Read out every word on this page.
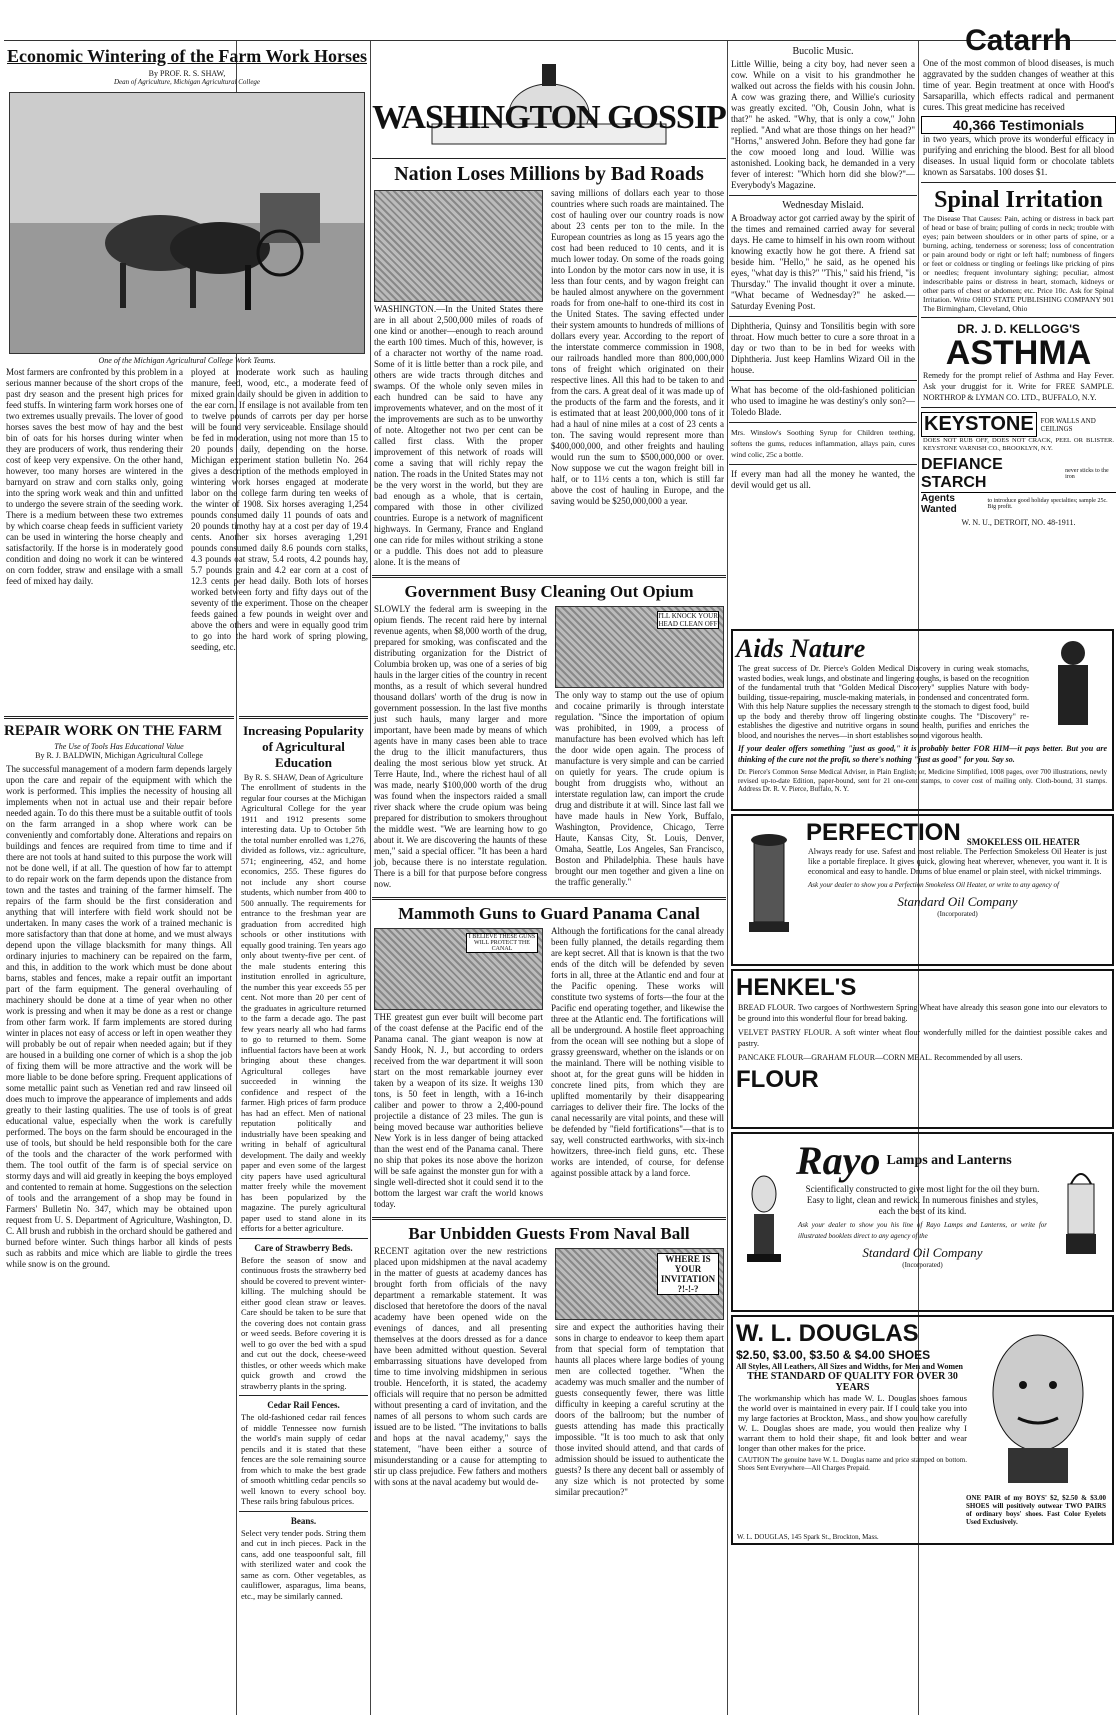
Economic Wintering of the Farm Work Horses
By PROF. R. S. SHAW,
Dean of Agriculture, Michigan Agricultural College
One of the Michigan Agricultural College Work Teams.
Most farmers are confronted by this problem in a serious manner because of the short crops of the past dry season and the present high prices for feed stuffs. In wintering farm work horses one of two extremes usually prevails. The lover of good horses saves the best mow of hay and the best bin of oats for his horses during winter when they are producers of work, thus rendering their cost of keep very expensive. On the other hand, however, too many horses are wintered in the barnyard on straw and corn stalks only, going into the spring work weak and thin and unfitted to undergo the severe strain of the seeding work. There is a medium between these two extremes by which coarse cheap feeds in sufficient variety can be used in wintering the horse cheaply and satisfactorily. If the horse is in moderately good condition and doing no work it can be wintered on corn fodder, straw and ensilage with a small feed of mixed hay daily.
ployed at moderate work such as hauling manure, feed, wood, etc., a moderate feed of mixed grain daily should be given in addition to the ear corn. If ensilage is not available from ten to twelve pounds of carrots per day per horse will be found very serviceable. Ensilage should be fed in moderation, using not more than 15 to 20 pounds daily, depending on the horse. Michigan experiment station bulletin No. 264 gives a description of the methods employed in wintering work horses engaged at moderate labor on the college farm during ten weeks of the winter of 1908. Six horses averaging 1,254 pounds consumed daily 11 pounds of oats and 20 pounds timothy hay at a cost per day of 19.4 cents. Another six horses averaging 1,291 pounds consumed daily 8.6 pounds corn stalks, 4.3 pounds oat straw, 5.4 roots, 4.2 pounds hay, 5.7 pounds grain and 4.2 ear corn at a cost of 12.3 cents per head daily. Both lots of horses worked between forty and fifty days out of the seventy of the experiment. Those on the cheaper feeds gained a few pounds in weight over and above the others and were in equally good trim to go into the hard work of spring plowing, seeding, etc.
REPAIR WORK ON THE FARM
The Use of Tools Has Educational Value
By R. J. BALDWIN, Michigan Agricultural College
The successful management of a modern farm depends largely upon the care and repair of the equipment with which the work is performed. This implies the necessity of housing all implements when not in actual use and their repair before needed again. To do this there must be a suitable outfit of tools on the farm arranged in a shop where work can be conveniently and comfortably done. Alterations and repairs on buildings and fences are required from time to time and if there are not tools at hand suited to this purpose the work will not be done well, if at all. The question of how far to attempt to do repair work on the farm depends upon the distance from town and the tastes and training of the farmer himself. The repairs of the farm should be the first consideration and anything that will interfere with field work should not be undertaken. In many cases the work of a trained mechanic is more satisfactory than that done at home, and we must always depend upon the village blacksmith for many things. All ordinary injuries to machinery can be repaired on the farm, and this, in addition to the work which must be done about barns, stables and fences, make a repair outfit an important part of the farm equipment. The general overhauling of machinery should be done at a time of year when no other work is pressing and when it may be done as a rest or change from other farm work. If farm implements are stored during winter in places not easy of access or left in open weather they will probably be out of repair when needed again; but if they are housed in a building one corner of which is a shop the job of fixing them will be more attractive and the work will be more liable to be done before spring. Frequent applications of some metallic paint such as Venetian red and raw linseed oil does much to improve the appearance of implements and adds greatly to their lasting qualities. The use of tools is of great educational value, especially when the work is carefully performed. The boys on the farm should be encouraged in the use of tools, but should be held responsible both for the care of the tools and the character of the work performed with them. The tool outfit of the farm is of special service on stormy days and will aid greatly in keeping the boys employed and contented to remain at home. Suggestions on the selection of tools and the arrangement of a shop may be found in Farmers' Bulletin No. 347, which may be obtained upon request from U. S. Department of Agriculture, Washington, D. C. All brush and rubbish in the orchard should be gathered and burned before winter. Such things harbor all kinds of pests such as rabbits and mice which are liable to girdle the trees while snow is on the ground.
Increasing Popularity of Agricultural Education
By R. S. SHAW, Dean of Agriculture
The enrollment of students in the regular four courses at the Michigan Agricultural College for the year 1911 and 1912 presents some interesting data. Up to October 5th the total number enrolled was 1,276, divided as follows, viz.: agriculture, 571; engineering, 452, and home economics, 255. These figures do not include any short course students, which number from 400 to 500 annually. The requirements for entrance to the freshman year are graduation from accredited high schools or other institutions with equally good training. Ten years ago only about twenty-five per cent. of the male students entering this institution enrolled in agriculture, the number this year exceeds 55 per cent. Not more than 20 per cent of the graduates in agriculture returned to the farm a decade ago. The past few years nearly all who had farms to go to returned to them. Some influential factors have been at work bringing about these changes. Agricultural colleges have succeeded in winning the confidence and respect of the farmer. High prices of farm produce has had an effect. Men of national reputation politically and industrially have been speaking and writing in behalf of agricultural development. The daily and weekly paper and even some of the largest city papers have used agricultural matter freely while the movement has been popularized by the magazine. The purely agricultural paper used to stand alone in its efforts for a better agriculture.
Care of Strawberry Beds.
Before the season of snow and continuous frosts the strawberry bed should be covered to prevent winter-killing. The mulching should be either good clean straw or leaves. Care should be taken to be sure that the covering does not contain grass or weed seeds. Before covering it is well to go over the bed with a spud and cut out the dock, cheese-weed thistles, or other weeds which make quick growth and crowd the strawberry plants in the spring.
Cedar Rail Fences.
The old-fashioned cedar rail fences of middle Tennessee now furnish the world's main supply of cedar pencils and it is stated that these fences are the sole remaining source from which to make the best grade of smooth whittling cedar pencils so well known to every school boy. These rails bring fabulous prices.
Beans.
Select very tender pods. String them and cut in inch pieces. Pack in the cans, add one teaspoonful salt, fill with sterilized water and cook the same as corn. Other vegetables, as cauliflower, asparagus, lima beans, etc., may be similarly canned.
WASHINGTON GOSSIP
Nation Loses Millions by Bad Roads
WASHINGTON.—In the United States there are in all about 2,500,000 miles of roads of one kind or another—enough to reach around the earth 100 times. Much of this, however, is of a character not worthy of the name road. Some of it is little better than a rock pile, and others are wide tracts through ditches and swamps. Of the whole only seven miles in each hundred can be said to have any improvements whatever, and on the most of it the improvements are such as to be unworthy of note. Altogether not two per cent can be called first class. With the proper improvement of this network of roads will come a saving that will richly repay the nation. The roads in the United States may not be the very worst in the world, but they are bad enough as a whole, that is certain, compared with those in other civilized countries. Europe is a network of magnificent highways. In Germany, France and England one can ride for miles without striking a stone or a puddle. This does not add to pleasure alone. It is the means of
saving millions of dollars each year to those countries where such roads are maintained. The cost of hauling over our country roads is now about 23 cents per ton to the mile. In the European countries as long as 15 years ago the cost had been reduced to 10 cents, and it is much lower today. On some of the roads going into London by the motor cars now in use, it is less than four cents, and by wagon freight can be hauled almost anywhere on the government roads for from one-half to one-third its cost in the United States. The saving effected under their system amounts to hundreds of millions of dollars every year. According to the report of the interstate commerce commission in 1908, our railroads handled more than 800,000,000 tons of freight which originated on their respective lines. All this had to be taken to and from the cars. A great deal of it was made up of the products of the farm and the forests, and it is estimated that at least 200,000,000 tons of it had a haul of nine miles at a cost of 23 cents a ton. The saving would represent more than $400,000,000, and other freights and hauling would run the sum to $500,000,000 or over. Now suppose we cut the wagon freight bill in half, or to 11½ cents a ton, which is still far above the cost of hauling in Europe, and the saving would be $250,000,000 a year.
Government Busy Cleaning Out Opium
SLOWLY the federal arm is sweeping in the opium fiends. The recent raid here by internal revenue agents, when $8,000 worth of the drug, prepared for smoking, was confiscated and the distributing organization for the District of Columbia broken up, was one of a series of big hauls in the larger cities of the country in recent months, as a result of which several hundred thousand dollars' worth of the drug is now in government possession. In the last five months just such hauls, many larger and more important, have been made by means of which agents have in many cases been able to trace the drug to the illicit manufacturers, thus dealing the most serious blow yet struck. At Terre Haute, Ind., where the richest haul of all was made, nearly $100,000 worth of the drug was found when the inspectors raided a small river shack where the crude opium was being prepared for distribution to smokers throughout the middle west. "We are learning how to go about it. We are discovering the haunts of these men," said a special officer. "It has been a hard job, because there is no interstate regulation. There is a bill for that purpose before congress now.
I'LL KNOCK YOUR HEAD CLEAN OFF
The only way to stamp out the use of opium and cocaine primarily is through interstate regulation. "Since the importation of opium was prohibited, in 1909, a process of manufacture has been evolved which has left the door wide open again. The process of manufacture is very simple and can be carried on quietly for years. The crude opium is bought from druggists who, without an interstate regulation law, can import the crude drug and distribute it at will. Since last fall we have made hauls in New York, Buffalo, Washington, Providence, Chicago, Terre Haute, Kansas City, St. Louis, Denver, Omaha, Seattle, Los Angeles, San Francisco, Boston and Philadelphia. These hauls have brought our men together and given a line on the traffic generally."
Mammoth Guns to Guard Panama Canal
I BELIEVE THESE GUNS WILL PROTECT THE CANAL
THE greatest gun ever built will become part of the coast defense at the Pacific end of the Panama canal. The giant weapon is now at Sandy Hook, N. J., but according to orders received from the war department it will soon start on the most remarkable journey ever taken by a weapon of its size. It weighs 130 tons, is 50 feet in length, with a 16-inch caliber and power to throw a 2,400-pound projectile a distance of 23 miles. The gun is being moved because war authorities believe New York is in less danger of being attacked than the west end of the Panama canal. There no ship that pokes its nose above the horizon will be safe against the monster gun for with a single well-directed shot it could send it to the bottom the largest war craft the world knows today.
Although the fortifications for the canal already been fully planned, the details regarding them are kept secret. All that is known is that the two ends of the ditch will be defended by seven forts in all, three at the Atlantic end and four at the Pacific opening. These works will constitute two systems of forts—the four at the Pacific end operating together, and likewise the three at the Atlantic end. The fortifications will all be underground. A hostile fleet approaching from the ocean will see nothing but a slope of grassy greensward, whether on the islands or on the mainland. There will be nothing visible to shoot at, for the great guns will be hidden in concrete lined pits, from which they are uplifted momentarily by their disappearing carriages to deliver their fire. The locks of the canal necessarily are vital points, and these will be defended by "field fortifications"—that is to say, well constructed earthworks, with six-inch howitzers, three-inch field guns, etc. These works are intended, of course, for defense against possible attack by a land force.
Bar Unbidden Guests From Naval Ball
RECENT agitation over the new restrictions placed upon midshipmen at the naval academy in the matter of guests at academy dances has brought forth from officials of the navy department a remarkable statement. It was disclosed that heretofore the doors of the naval academy have been opened wide on the evenings of dances, and all presenting themselves at the doors dressed as for a dance have been admitted without question. Several embarrassing situations have developed from time to time involving midshipmen in serious trouble. Henceforth, it is stated, the academy officials will require that no person be admitted without presenting a card of invitation, and the names of all persons to whom such cards are issued are to be listed. "The invitations to balls and hops at the naval academy," says the statement, "have been either a source of misunderstanding or a cause for attempting to stir up class prejudice. Few fathers and mothers with sons at the naval academy but would de-
WHERE IS YOUR INVITATION ?!-!-?
sire and expect the authorities having their sons in charge to endeavor to keep them apart from that special form of temptation that haunts all places where large bodies of young men are collected together. "When the academy was much smaller and the number of guests consequently fewer, there was little difficulty in keeping a careful scrutiny at the doors of the ballroom; but the number of guests attending has made this practically impossible. "It is too much to ask that only those invited should attend, and that cards of admission should be issued to authenticate the guests? Is there any decent ball or assembly of any size which is not protected by some similar precaution?"
Bucolic Music.
Little Willie, being a city boy, had never seen a cow. While on a visit to his grandmother he walked out across the fields with his cousin John. A cow was grazing there, and Willie's curiosity was greatly excited. "Oh, Cousin John, what is that?" he asked. "Why, that is only a cow," John replied. "And what are those things on her head?" "Horns," answered John. Before they had gone far the cow mooed long and loud. Willie was astonished. Looking back, he demanded in a very fever of interest: "Which horn did she blow?"—Everybody's Magazine.
Wednesday Mislaid.
A Broadway actor got carried away by the spirit of the times and remained carried away for several days. He came to himself in his own room without knowing exactly how he got there. A friend sat beside him. "Hello," he said, as he opened his eyes, "what day is this?" "This," said his friend, "is Thursday." The invalid thought it over a minute. "What became of Wednesday?" he asked.—Saturday Evening Post.
Diphtheria, Quinsy and Tonsilitis begin with sore throat. How much better to cure a sore throat in a day or two than to be in bed for weeks with Diphtheria. Just keep Hamlins Wizard Oil in the house.
What has become of the old-fashioned politician who used to imagine he was destiny's only son?—Toledo Blade.
Mrs. Winslow's Soothing Syrup for Children teething, softens the gums, reduces inflammation, allays pain, cures wind colic, 25c a bottle.
If every man had all the money he wanted, the devil would get us all.
Catarrh
One of the most common of blood diseases, is much aggravated by the sudden changes of weather at this time of year. Begin treatment at once with Hood's Sarsaparilla, which effects radical and permanent cures. This great medicine has received
40,366 Testimonials
in two years, which prove its wonderful efficacy in purifying and enriching the blood. Best for all blood diseases. In usual liquid form or chocolate tablets known as Sarsatabs. 100 doses $1.
Spinal Irritation
The Disease That Causes: Pain, aching or distress in back part of head or base of brain; pulling of cords in neck; trouble with eyes; pain between shoulders or in other parts of spine, or a burning, aching, tenderness or soreness; loss of concentration or pain around body or right or left half; numbness of fingers or feet or coldness or tingling or feelings like pricking of pins or needles; frequent involuntary sighing; peculiar, almost indescribable pains or distress in heart, stomach, kidneys or other parts of chest or abdomen; etc. Price 10c. Ask for Spinal Irritation. Write OHIO STATE PUBLISHING COMPANY 901 The Birmingham, Cleveland, Ohio
DR. J. D. KELLOGG'S
ASTHMA
Remedy for the prompt relief of Asthma and Hay Fever. Ask your druggist for it. Write for FREE SAMPLE. NORTHROP & LYMAN CO. LTD., BUFFALO, N.Y.
KEYSTONE	FOR WALLS AND CEILINGS
DOES NOT RUB OFF, DOES NOT CRACK, PEEL OR BLISTER. KEYSTONE VARNISH CO., BROOKLYN, N.Y.
DEFIANCE STARCH
never sticks to the iron
Agents Wanted
to introduce good holiday specialties; sample 25c. Big profit.
W. N. U., DETROIT, NO. 48-1911.
Aids Nature
The great success of Dr. Pierce's Golden Medical Discovery in curing weak stomachs, wasted bodies, weak lungs, and obstinate and lingering coughs, is based on the recognition of the fundamental truth that "Golden Medical Discovery" supplies Nature with body-building, tissue-repairing, muscle-making materials, in condensed and concentrated form. With this help Nature supplies the necessary strength to the stomach to digest food, build up the body and thereby throw off lingering obstinate coughs. The "Discovery" re-establishes the digestive and nutritive organs in sound health, purifies and enriches the blood, and nourishes the nerves—in short establishes sound vigorous health.
If your dealer offers something "just as good," it is probably better FOR HIM—it pays better. But you are thinking of the cure not the profit, so there's nothing "just as good" for you. Say so.
Dr. Pierce's Common Sense Medical Adviser, in Plain English; or, Medicine Simplified, 1008 pages, over 700 illustrations, newly revised up-to-date Edition, paper-bound, sent for 21 one-cent stamps, to cover cost of mailing only. Cloth-bound, 31 stamps. Address Dr. R. V. Pierce, Buffalo, N. Y.
PERFECTION SMOKELESS OIL HEATER
Always ready for use. Safest and most reliable. The Perfection Smokeless Oil Heater is just like a portable fireplace. It gives quick, glowing heat wherever, whenever, you want it. It is economical and easy to handle. Drums of blue enamel or plain steel, with nickel trimmings.
Ask your dealer to show you a Perfection Smokeless Oil Heater, or write to any agency of
Standard Oil Company
(Incorporated)
HENKEL'S
BREAD FLOUR. Two cargoes of Northwestern Spring Wheat have already this season gone into our elevators to be ground into this wonderful flour for bread baking.
VELVET PASTRY FLOUR. A soft winter wheat flour wonderfully milled for the daintiest possible cakes and pastry.
PANCAKE FLOUR—GRAHAM FLOUR—CORN MEAL. Recommended by all users.
FLOUR
Rayo Lamps and Lanterns
Scientifically constructed to give most light for the oil they burn. Easy to light, clean and rewick. In numerous finishes and styles, each the best of its kind.
Ask your dealer to show you his line of Rayo Lamps and Lanterns, or write for illustrated booklets direct to any agency of the
Standard Oil Company
(Incorporated)
W. L. DOUGLAS
$2.50, $3.00, $3.50 & $4.00 SHOES
All Styles, All Leathers, All Sizes and Widths, for Men and Women
THE STANDARD OF QUALITY FOR OVER 30 YEARS
The workmanship which has made W. L. Douglas shoes famous the world over is maintained in every pair. If I could take you into my large factories at Brockton, Mass., and show you how carefully W. L. Douglas shoes are made, you would then realize why I warrant them to hold their shape, fit and look better and wear longer than other makes for the price.
CAUTION The genuine have W. L. Douglas name and price stamped on bottom. Shoes Sent Everywhere—All Charges Prepaid.
ONE PAIR of my BOYS' $2, $2.50 & $3.00 SHOES will positively outwear TWO PAIRS of ordinary boys' shoes. Fast Color Eyelets Used Exclusively.
W. L. DOUGLAS, 145 Spark St., Brockton, Mass.
